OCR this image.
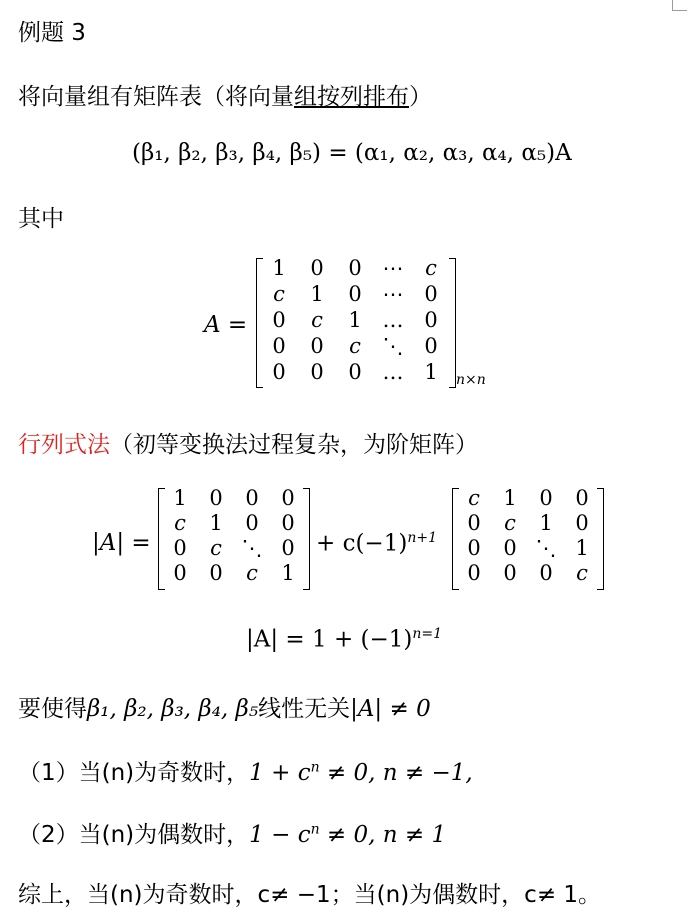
例题 3
将向量组有矩阵表（将向量组按列排布）
(β₁, β₂, β₃, β₄, β₅) = (α₁, α₂, α₃, α₄, α₅)A
其中
A =
1	0	0 ⋯	c
c	1	0 ⋯ 0
0	c	1 … 0
0	0	c	⋱ 0
0	0	0 … 1	n×n
行列式法（初等变换法过程复杂，为阶矩阵）
|A| =
1	0	0	0
c	1	0	0
0	c ⋱ 0
0	0	c	1
+ $c(-1)^{n+1}$
c	1	0	0
0	c	1	0
0	0 ⋱ 1
0	0	0	c
$|A| = 1 + (-1)^{n=1}$
要使得β₁, β₂, β₃, β₄, β₅线性无关|A| ≠ 0
（1）当(n)为奇数时，$1 + c^n \ne 0$, n ≠ −1,
（2）当(n)为偶数时，$1 - c^n \ne 0$, n ≠ 1
综上，当(n)为奇数时，c≠ −1；当(n)为偶数时，c≠ 1。
